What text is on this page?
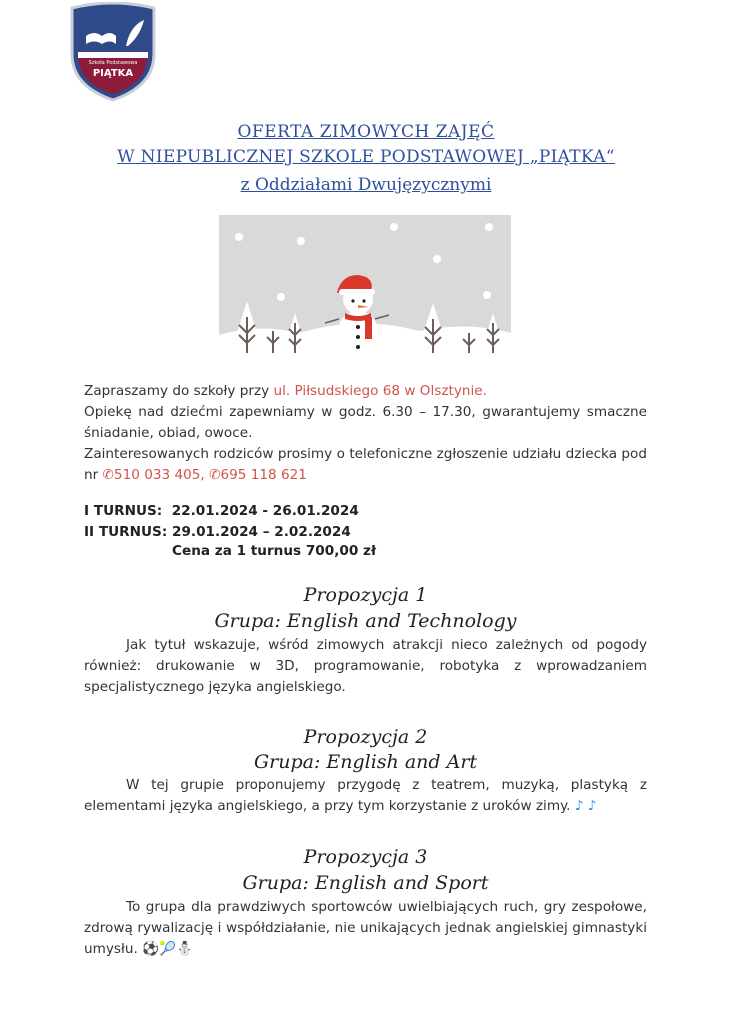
Szkoła Podstawowa
PIĄTKA
OFERTA ZIMOWYCH ZAJĘĆ
W NIEPUBLICZNEJ SZKOLE PODSTAWOWEJ „PIĄTKA“
z Oddziałami Dwujęzycznymi
Zapraszamy do szkoły przy ul. Piłsudskiego 68 w Olsztynie.
Opiekę nad dziećmi zapewniamy w godz. 6.30 – 17.30, gwarantujemy smaczne śniadanie, obiad, owoce.
Zainteresowanych rodziców prosimy o telefoniczne zgłoszenie udziału dziecka pod nr ✆510 033 405, ✆695 118 621
I TURNUS: 22.01.2024 - 26.01.2024
II TURNUS: 29.01.2024 – 2.02.2024
Cena za 1 turnus 700,00 zł
Propozycja 1
Grupa: English and Technology
Jak tytuł wskazuje, wśród zimowych atrakcji nieco zależnych od pogody również: drukowanie w 3D, programowanie, robotyka z wprowadzaniem specjalistycznego języka angielskiego.
Propozycja 2
Grupa: English and Art
W tej grupie proponujemy przygodę z teatrem, muzyką, plastyką z elementami języka angielskiego, a przy tym korzystanie z uroków zimy. ♪ ♪
Propozycja 3
Grupa: English and Sport
To grupa dla prawdziwych sportowców uwielbiających ruch, gry zespołowe, zdrową rywalizację i współdziałanie, nie unikających jednak angielskiej gimnastyki umysłu. ⚽🎾⛄
